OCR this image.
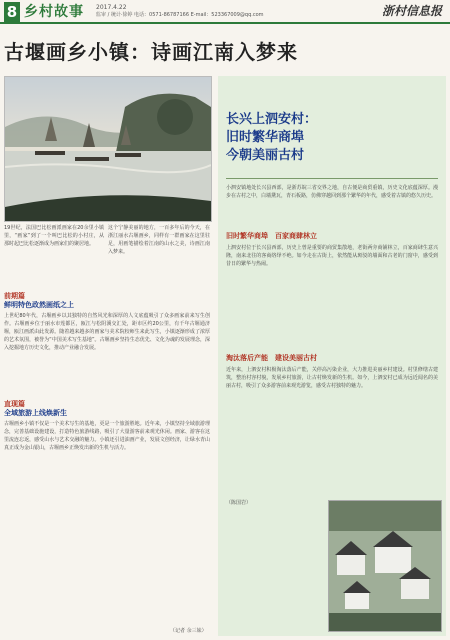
8 乡村故事 2017.4.22
监审 / 统计·徐婷 电话：0571-86787166 E-mail：523367009@qq.com	浙村信息报
古堰画乡小镇：诗画江南入梦来
19世纪，法国巴比松画派画家在20余里小镇里，“画家”到了一个叫巴比松的小村庄，从那时起巴比松逐渐成为画家们的聚居地。
这个宁静美丽的地方，一百多年后的今天，在浙江丽水古堰画乡，同样有一群画家在这里驻足，用画笔描绘着江南的山水之美，诗画江南入梦来。
前期篇
鲜明特色政然画纸之上
上世纪80年代，古堰画乡以其独特的自然风光和深厚的人文底蕴吸引了众多画家前来写生创作。古堰画乡位于丽水市莲都区，瓯江与松阴溪交汇处，距市区约20公里，有千年古堰通济堰，瓯江画派由此发源。随着越来越多的画家与美术院校师生来此写生，小镇逐渐形成了浓厚的艺术氛围，被誉为“中国美术写生基地”。古堰画乡坚持生态优先、文化为魂的发展理念，深入挖掘地方历史文化，推动产业融合发展。
直现篇
全域旅游上线焕新生
古堰画乡小镇不仅是一个美术写生的基地，更是一个旅游胜地。近年来，小镇坚持全域旅游理念，完善基础设施建设，打造特色旅游线路，吸引了大量游客前来观光休闲。画家、游客在这里流连忘返，感受山水与艺术交融的魅力。小镇还引进油画产业，发展文创经济，让绿水青山真正成为金山银山，古堰画乡正焕发出新的生机与活力。
（记者 余三妹）
长兴上泗安村：
旧时繁华商埠
今朝美丽古村
小泗安镇地处长兴县西部，是浙苏皖三省交界之地，自古便是商贸重镇，历史文化底蕴深厚。漫步在古村之中，白墙黛瓦，青石板路，仿佛穿越回到那个繁华的年代，感受着古镇的悠久历史。
旧时繁华商埠　百家商肆林立
上泗安村位于长兴县西部，历史上曾是重要的商贸集散地，老街两旁商铺林立，百家商肆生意兴隆，南来北往的客商络绎不绝。如今走在古街上，依然能从斑驳的墙面和古老的门窗中，感受到昔日的繁华与热闹。
淘汰落后产能　建设美丽古村
近年来，上泗安村积极淘汰落后产能，关停高污染企业，大力推进美丽乡村建设。村里修缮古建筑，整治村容村貌，发展乡村旅游，让古村焕发新的生机。如今，上泗安村已成为远近闻名的美丽古村，吸引了众多游客前来观光游览，感受古村独特的魅力。
（陈国岩）
